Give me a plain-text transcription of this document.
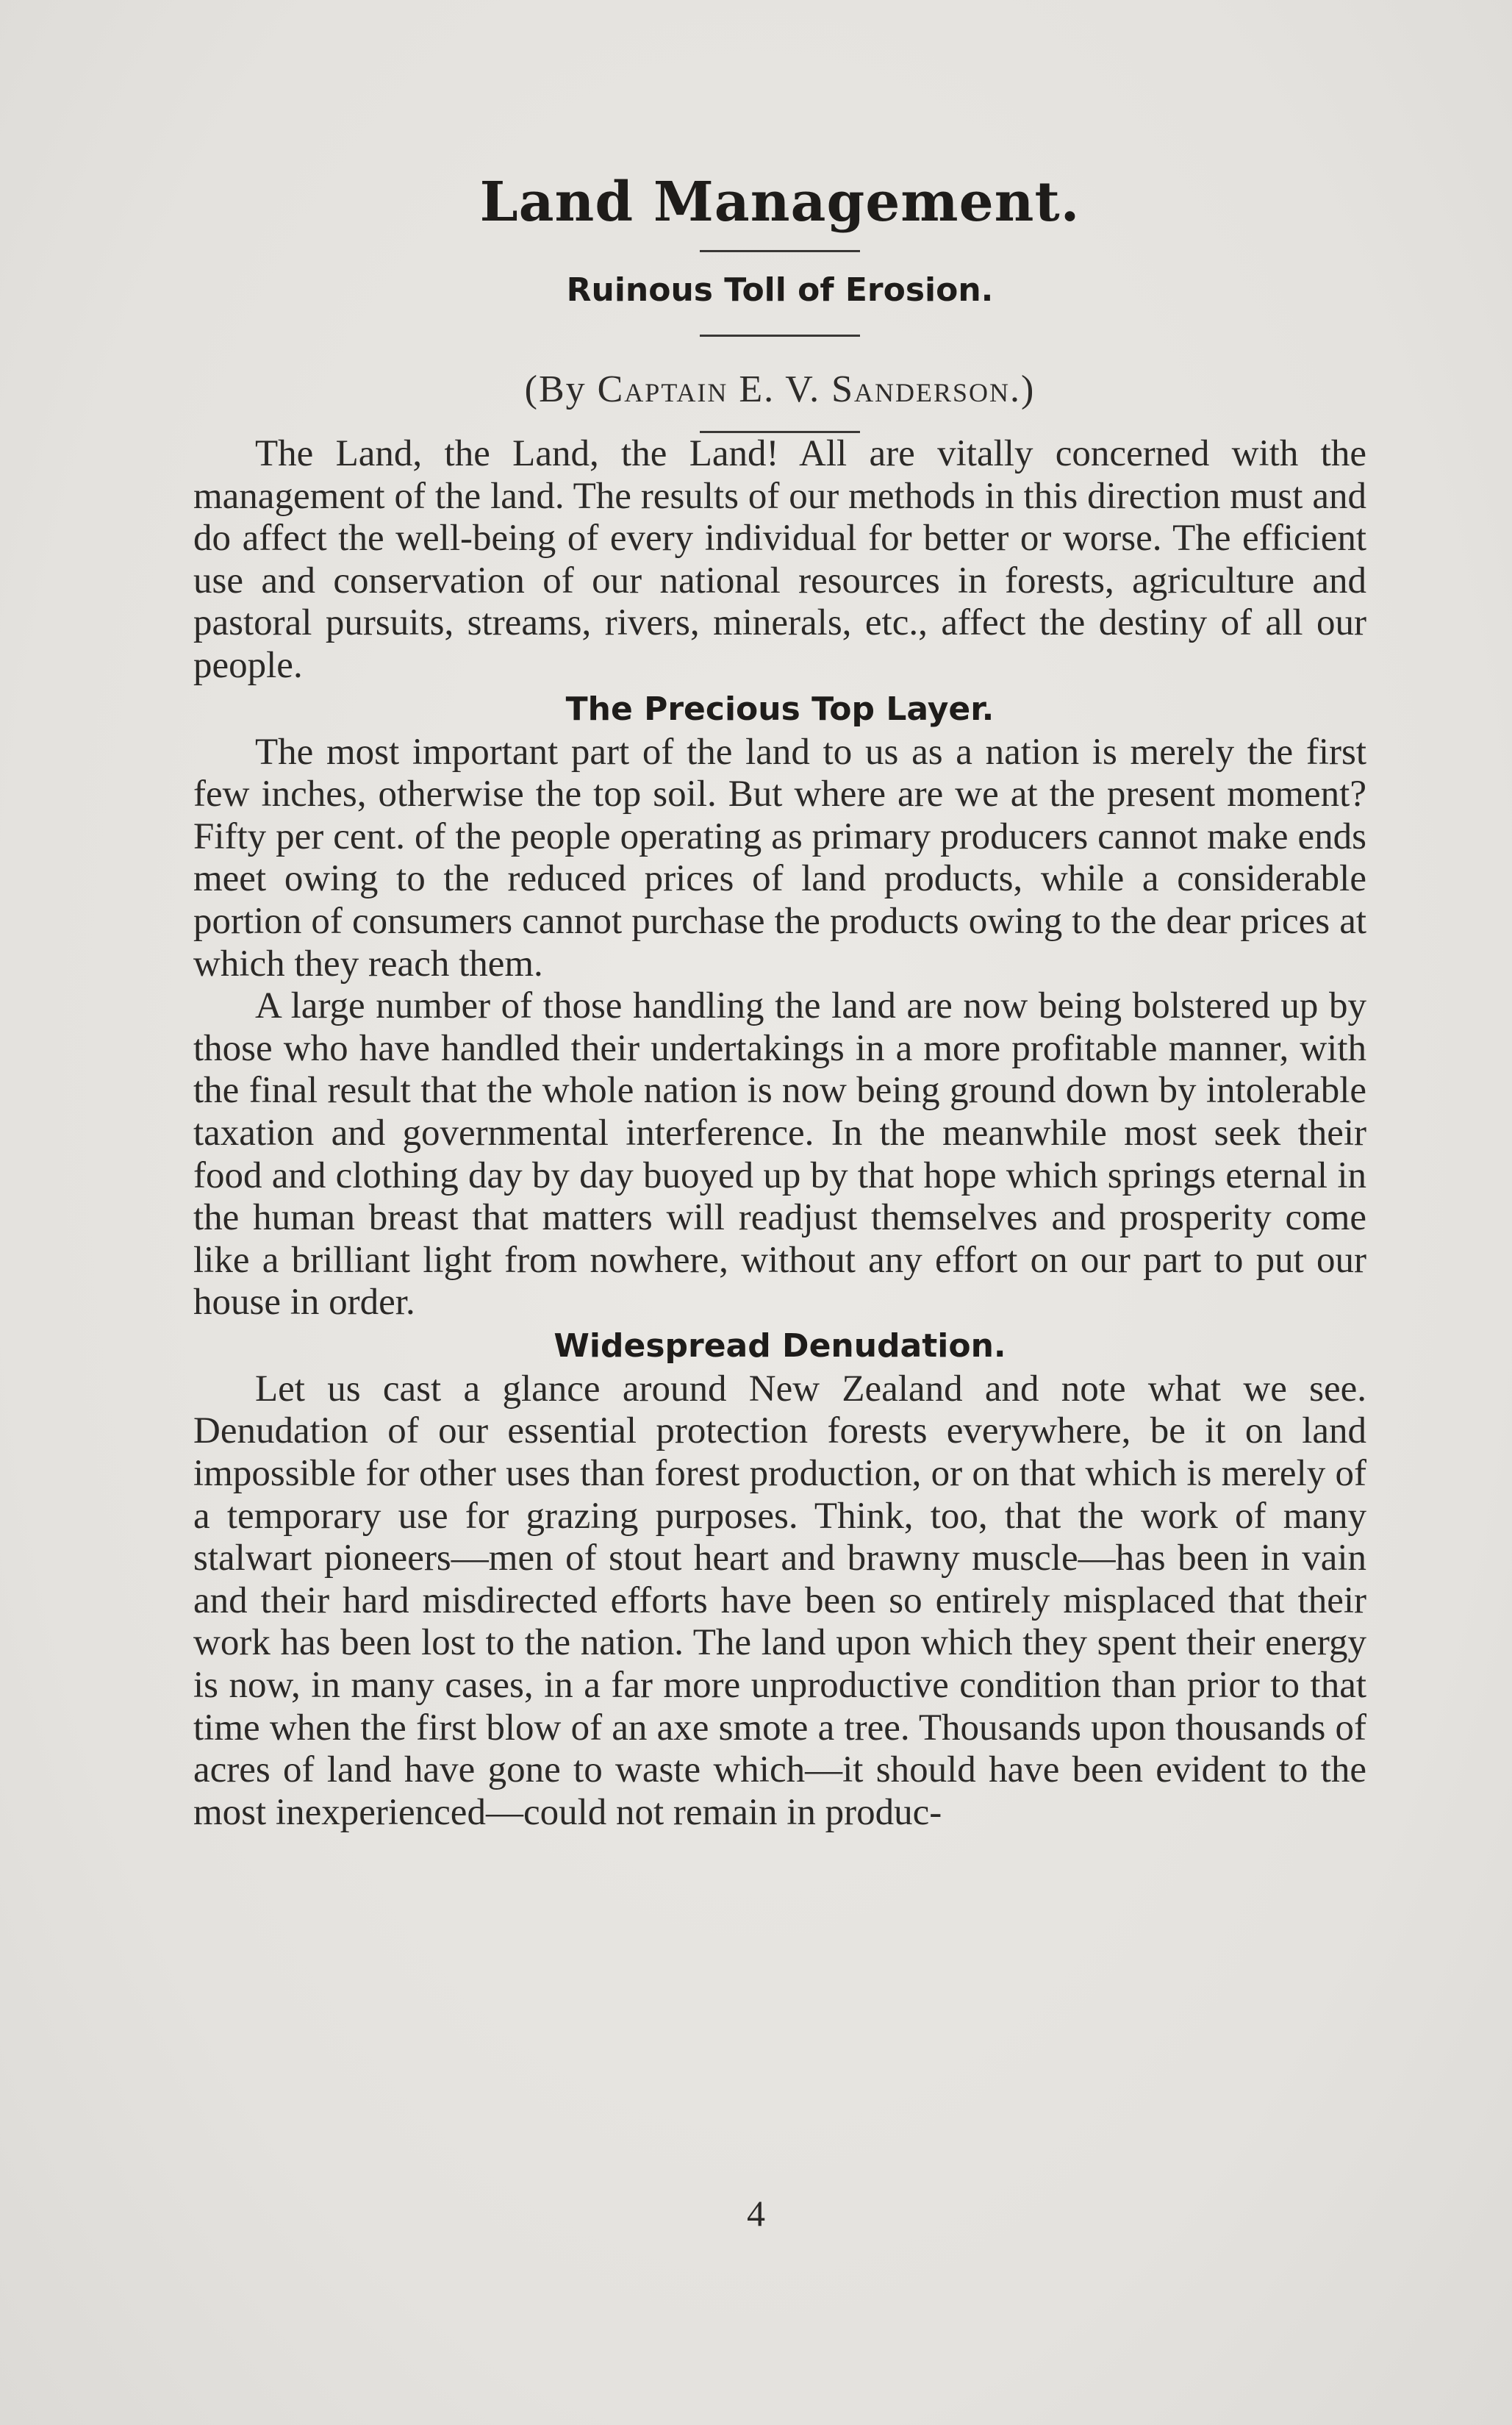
Land Management.
Ruinous Toll of Erosion.
(By Captain E. V. Sanderson.)

The Land, the Land, the Land! All are vitally concerned with the management of the land. The results of our methods in this direction must and do affect the well-being of every individual for better or worse. The efficient use and conservation of our national resources in forests, agriculture and pastoral pursuits, streams, rivers, minerals, etc., affect the destiny of all our people.

The Precious Top Layer.

The most important part of the land to us as a nation is merely the first few inches, otherwise the top soil. But where are we at the present moment? Fifty per cent. of the people operating as primary producers cannot make ends meet owing to the reduced prices of land products, while a considerable portion of consumers cannot purchase the products owing to the dear prices at which they reach them.

A large number of those handling the land are now being bolstered up by those who have handled their undertakings in a more profitable manner, with the final result that the whole nation is now being ground down by intolerable taxation and governmental interference. In the meanwhile most seek their food and clothing day by day buoyed up by that hope which springs eternal in the human breast that matters will readjust themselves and prosperity come like a brilliant light from nowhere, without any effort on our part to put our house in order.

Widespread Denudation.

Let us cast a glance around New Zealand and note what we see. Denudation of our essential protection forests everywhere, be it on land impossible for other uses than forest production, or on that which is merely of a temporary use for grazing purposes. Think, too, that the work of many stalwart pioneers—men of stout heart and brawny muscle—has been in vain and their hard misdirected efforts have been so entirely misplaced that their work has been lost to the nation. The land upon which they spent their energy is now, in many cases, in a far more unproductive condition than prior to that time when the first blow of an axe smote a tree. Thousands upon thousands of acres of land have gone to waste which—it should have been evident to the most inexperienced—could not remain in produc-

4
